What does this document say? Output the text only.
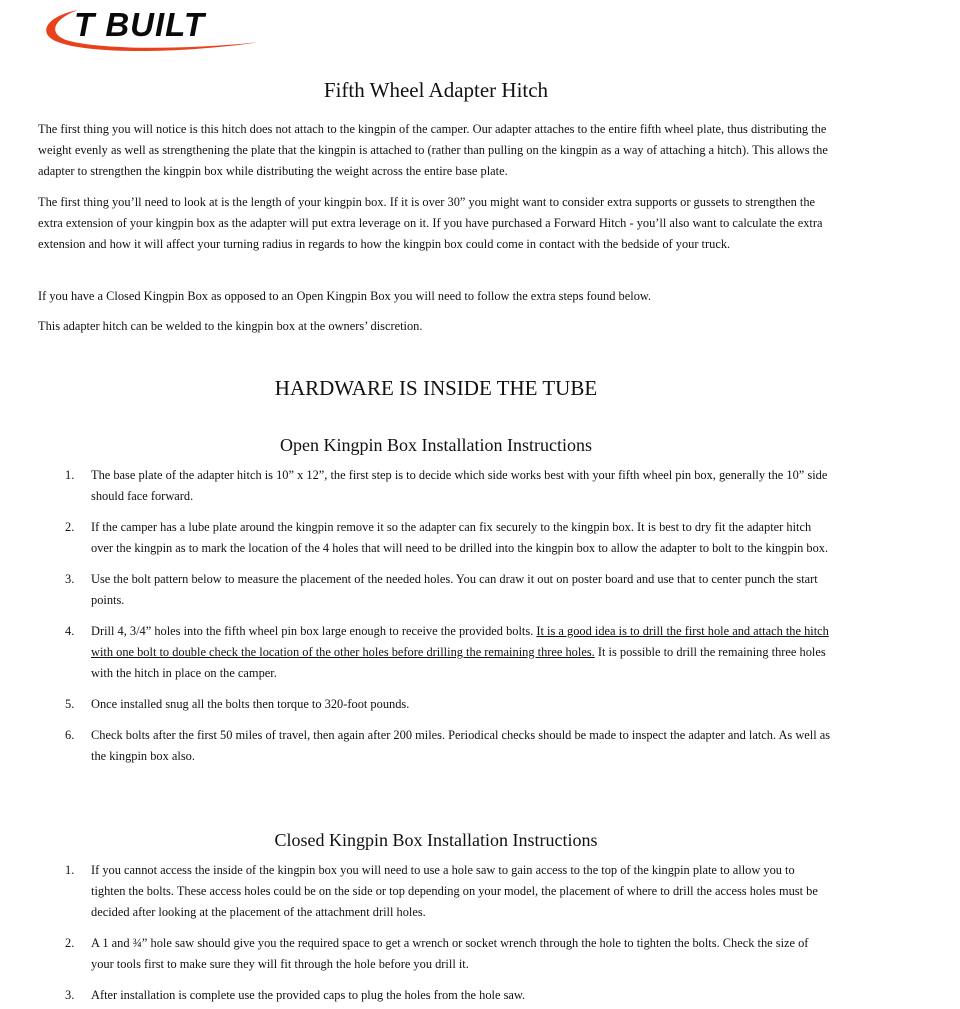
T BUILT
Fifth Wheel Adapter Hitch

The first thing you will notice is this hitch does not attach to the kingpin of the camper. Our adapter attaches to the entire fifth wheel plate, thus distributing the weight evenly as well as strengthening the plate that the kingpin is attached to (rather than pulling on the kingpin as a way of attaching a hitch). This allows the adapter to strengthen the kingpin box while distributing the weight across the entire base plate.

The first thing you’ll need to look at is the length of your kingpin box. If it is over 30” you might want to consider extra supports or gussets to strengthen the extra extension of your kingpin box as the adapter will put extra leverage on it. If you have purchased a Forward Hitch - you’ll also want to calculate the extra extension and how it will affect your turning radius in regards to how the kingpin box could come in contact with the bedside of your truck.

If you have a Closed Kingpin Box as opposed to an Open Kingpin Box you will need to follow the extra steps found below.

This adapter hitch can be welded to the kingpin box at the owners’ discretion.

HARDWARE IS INSIDE THE TUBE
Open Kingpin Box Installation Instructions
1. The base plate of the adapter hitch is 10” x 12”, the first step is to decide which side works best with your fifth wheel pin box, generally the 10” side should face forward.
2. If the camper has a lube plate around the kingpin remove it so the adapter can fix securely to the kingpin box. It is best to dry fit the adapter hitch over the kingpin as to mark the location of the 4 holes that will need to be drilled into the kingpin box to allow the adapter to bolt to the kingpin box.
3. Use the bolt pattern below to measure the placement of the needed holes. You can draw it out on poster board and use that to center punch the start points.
4. Drill 4, 3/4” holes into the fifth wheel pin box large enough to receive the provided bolts. It is a good idea is to drill the first hole and attach the hitch with one bolt to double check the location of the other holes before drilling the remaining three holes. It is possible to drill the remaining three holes with the hitch in place on the camper.
5. Once installed snug all the bolts then torque to 320-foot pounds.
6. Check bolts after the first 50 miles of travel, then again after 200 miles. Periodical checks should be made to inspect the adapter and latch. As well as the kingpin box also.
Closed Kingpin Box Installation Instructions
1. If you cannot access the inside of the kingpin box you will need to use a hole saw to gain access to the top of the kingpin plate to allow you to tighten the bolts. These access holes could be on the side or top depending on your model, the placement of where to drill the access holes must be decided after looking at the placement of the attachment drill holes.
2. A 1 and ¾” hole saw should give you the required space to get a wrench or socket wrench through the hole to tighten the bolts. Check the size of your tools first to make sure they will fit through the hole before you drill it.
3. After installation is complete use the provided caps to plug the holes from the hole saw.
